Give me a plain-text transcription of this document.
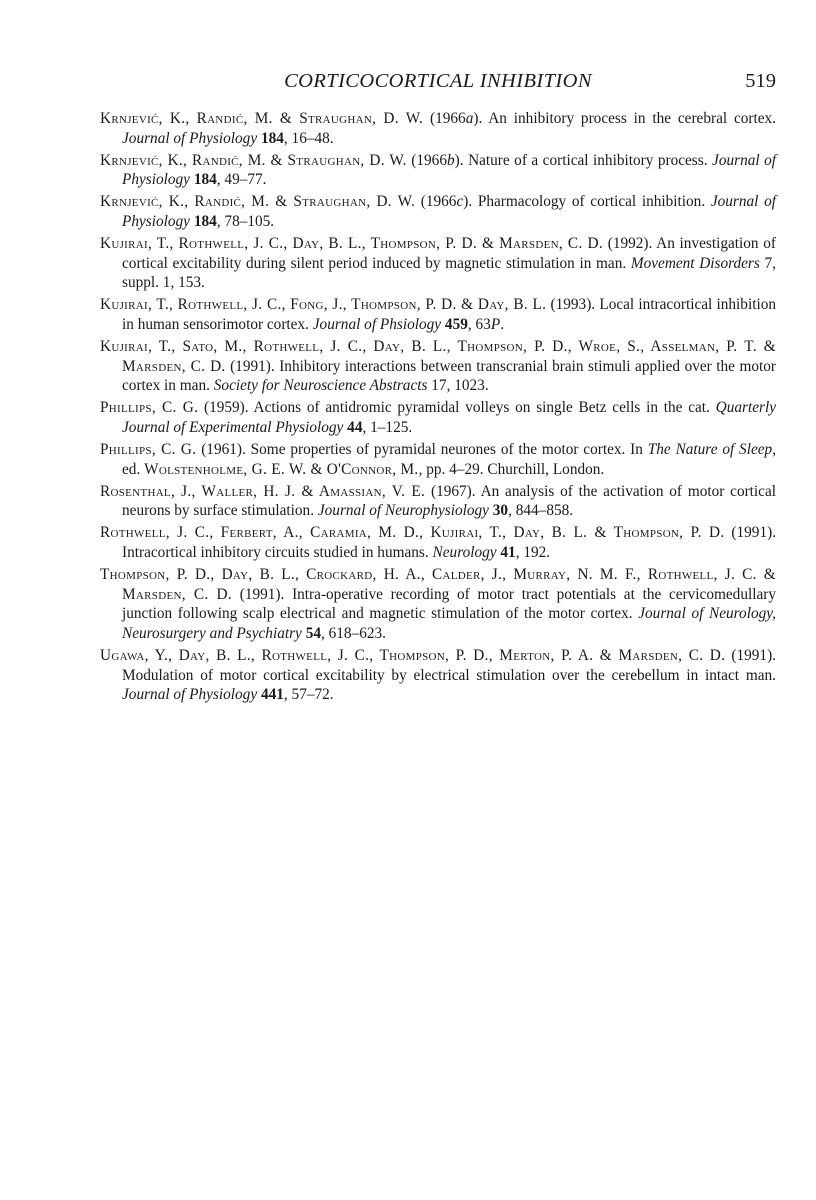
CORTICOCORTICAL INHIBITION	519

Krnjević, K., Randić, M. & Straughan, D. W. (1966a). An inhibitory process in the cerebral cortex. Journal of Physiology 184, 16–48.

Krnjević, K., Randić, M. & Straughan, D. W. (1966b). Nature of a cortical inhibitory process. Journal of Physiology 184, 49–77.

Krnjević, K., Randić, M. & Straughan, D. W. (1966c). Pharmacology of cortical inhibition. Journal of Physiology 184, 78–105.

Kujirai, T., Rothwell, J. C., Day, B. L., Thompson, P. D. & Marsden, C. D. (1992). An investigation of cortical excitability during silent period induced by magnetic stimulation in man. Movement Disorders 7, suppl. 1, 153.

Kujirai, T., Rothwell, J. C., Fong, J., Thompson, P. D. & Day, B. L. (1993). Local intracortical inhibition in human sensorimotor cortex. Journal of Phsiology 459, 63P.

Kujirai, T., Sato, M., Rothwell, J. C., Day, B. L., Thompson, P. D., Wroe, S., Asselman, P. T. & Marsden, C. D. (1991). Inhibitory interactions between transcranial brain stimuli applied over the motor cortex in man. Society for Neuroscience Abstracts 17, 1023.

Phillips, C. G. (1959). Actions of antidromic pyramidal volleys on single Betz cells in the cat. Quarterly Journal of Experimental Physiology 44, 1–125.

Phillips, C. G. (1961). Some properties of pyramidal neurones of the motor cortex. In The Nature of Sleep, ed. Wolstenholme, G. E. W. & O'Connor, M., pp. 4–29. Churchill, London.

Rosenthal, J., Waller, H. J. & Amassian, V. E. (1967). An analysis of the activation of motor cortical neurons by surface stimulation. Journal of Neurophysiology 30, 844–858.

Rothwell, J. C., Ferbert, A., Caramia, M. D., Kujirai, T., Day, B. L. & Thompson, P. D. (1991). Intracortical inhibitory circuits studied in humans. Neurology 41, 192.

Thompson, P. D., Day, B. L., Crockard, H. A., Calder, J., Murray, N. M. F., Rothwell, J. C. & Marsden, C. D. (1991). Intra-operative recording of motor tract potentials at the cervicomedullary junction following scalp electrical and magnetic stimulation of the motor cortex. Journal of Neurology, Neurosurgery and Psychiatry 54, 618–623.

Ugawa, Y., Day, B. L., Rothwell, J. C., Thompson, P. D., Merton, P. A. & Marsden, C. D. (1991). Modulation of motor cortical excitability by electrical stimulation over the cerebellum in intact man. Journal of Physiology 441, 57–72.
